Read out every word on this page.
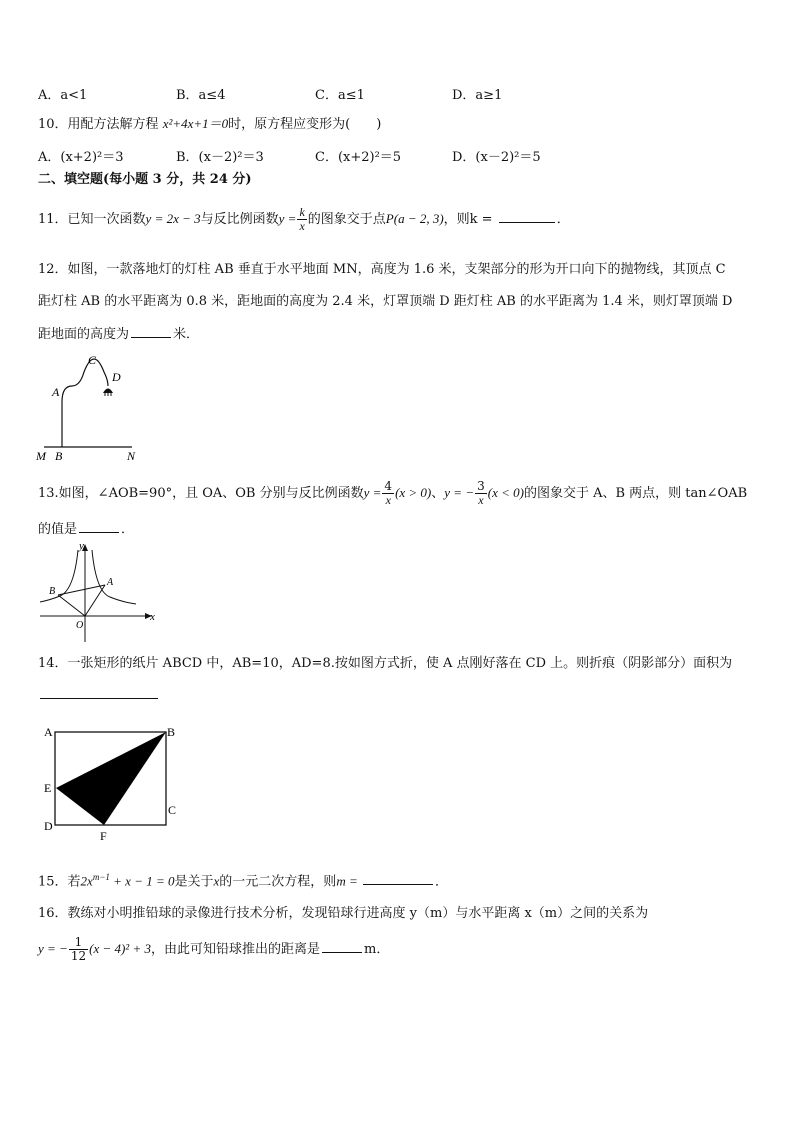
A．a<1	B．a≤4	C．a≤1	D．a≥1
10．用配方法解方程 x²+4x+1＝0时，原方程应变形为(　　)
A．(x+2)²＝3	B．(x－2)²＝3	C．(x+2)²＝5	D．(x－2)²＝5
二、填空题(每小题 3 分，共 24 分)
11．已知一次函数y = 2x − 3与反比例函数$y = \frac{k}{x}$ 的图象交于点P(a − 2, 3)，则k =	．
12．如图，一款落地灯的灯柱 AB 垂直于水平地面 MN，高度为 1.6 米，支架部分的形为开口向下的抛物线，其顶点 C
距灯柱 AB 的水平距离为 0.8 米，距地面的高度为 2.4 米，灯罩顶端 D 距灯柱 AB 的水平距离为 1.4 米，则灯罩顶端 D
距地面的高度为	米．
C
D
A
M B	N
13.如图，∠AOB=90°，且 OA、OB 分别与反比例函数$y = \frac{4}{x} (x > 0)$、y = − $\frac{3}{x} (x < 0)$的图象交于 A、B 两点，则 tan∠OAB
的值是	．
x
y
A
B
O
14．一张矩形的纸片 ABCD 中，AB=10，AD=8.按如图方式折，使 A 点刚好落在 CD 上。则折痕（阴影部分）面积为
A	B
C
D
E
F
15．若$2x^{m-1} + x - 1 = 0$是关于x的一元二次方程，则m =	．
16．教练对小明推铅球的录像进行技术分析，发现铅球行进高度 y（m）与水平距离 x（m）之间的关系为
y = − $\frac{1}{12} (x - 4)^2 + 3$，由此可知铅球推出的距离是	m．
